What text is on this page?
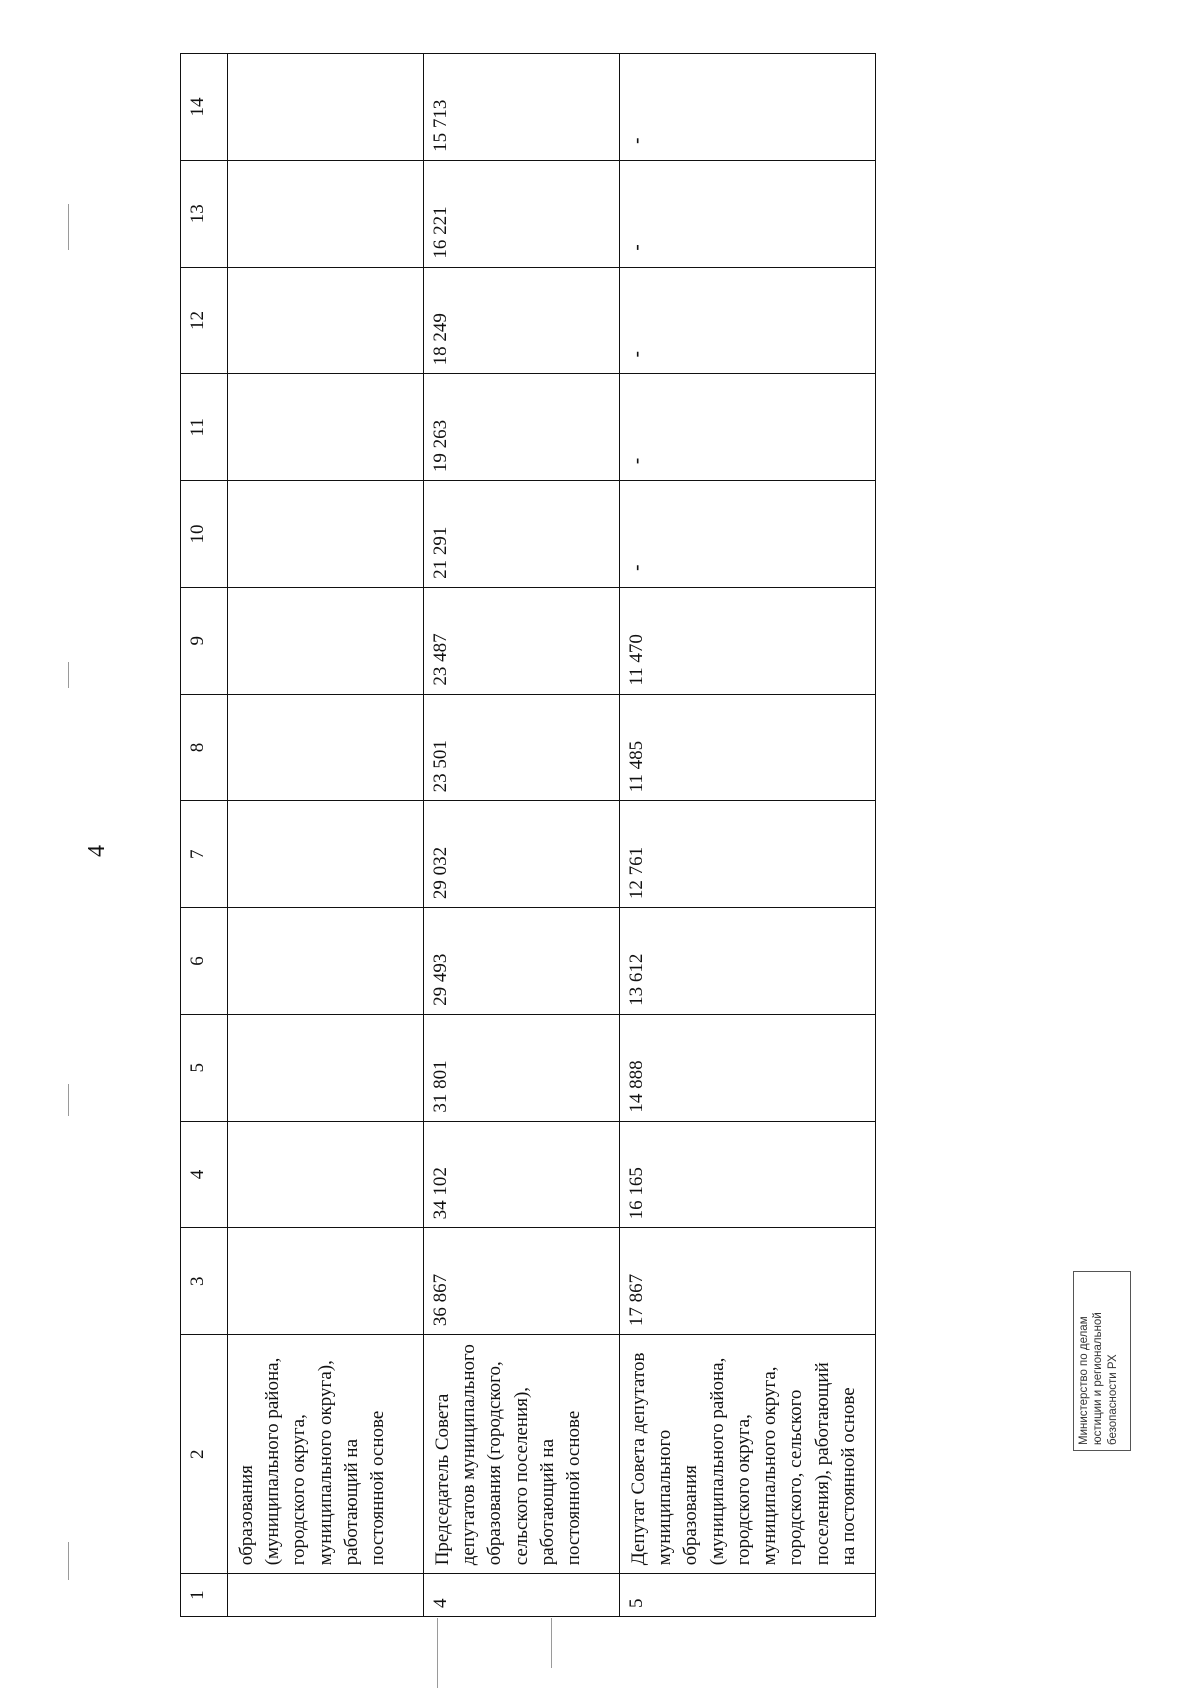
4
1	2	3	4	5	6	7	8	9	10	11	12	13	14
	образования (муниципального района, городского округа, муниципального округа), работающий на постоянной основе												
4	Председатель Совета депутатов муниципального образования (городского, сельского поселения), работающий на постоянной основе	36 867	34 102	31 801	29 493	29 032	23 501	23 487	21 291	19 263	18 249	16 221	15 713
5	Депутат Совета депутатов муниципального образования (муниципального района, городского округа, муниципального округа, городского, сельского поселения), работающий на постоянной основе	17 867	16 165	14 888	13 612	12 761	11 485	11 470	-	-	-	-	-
Министерство по делам юстиции и региональной безопасности РХ
